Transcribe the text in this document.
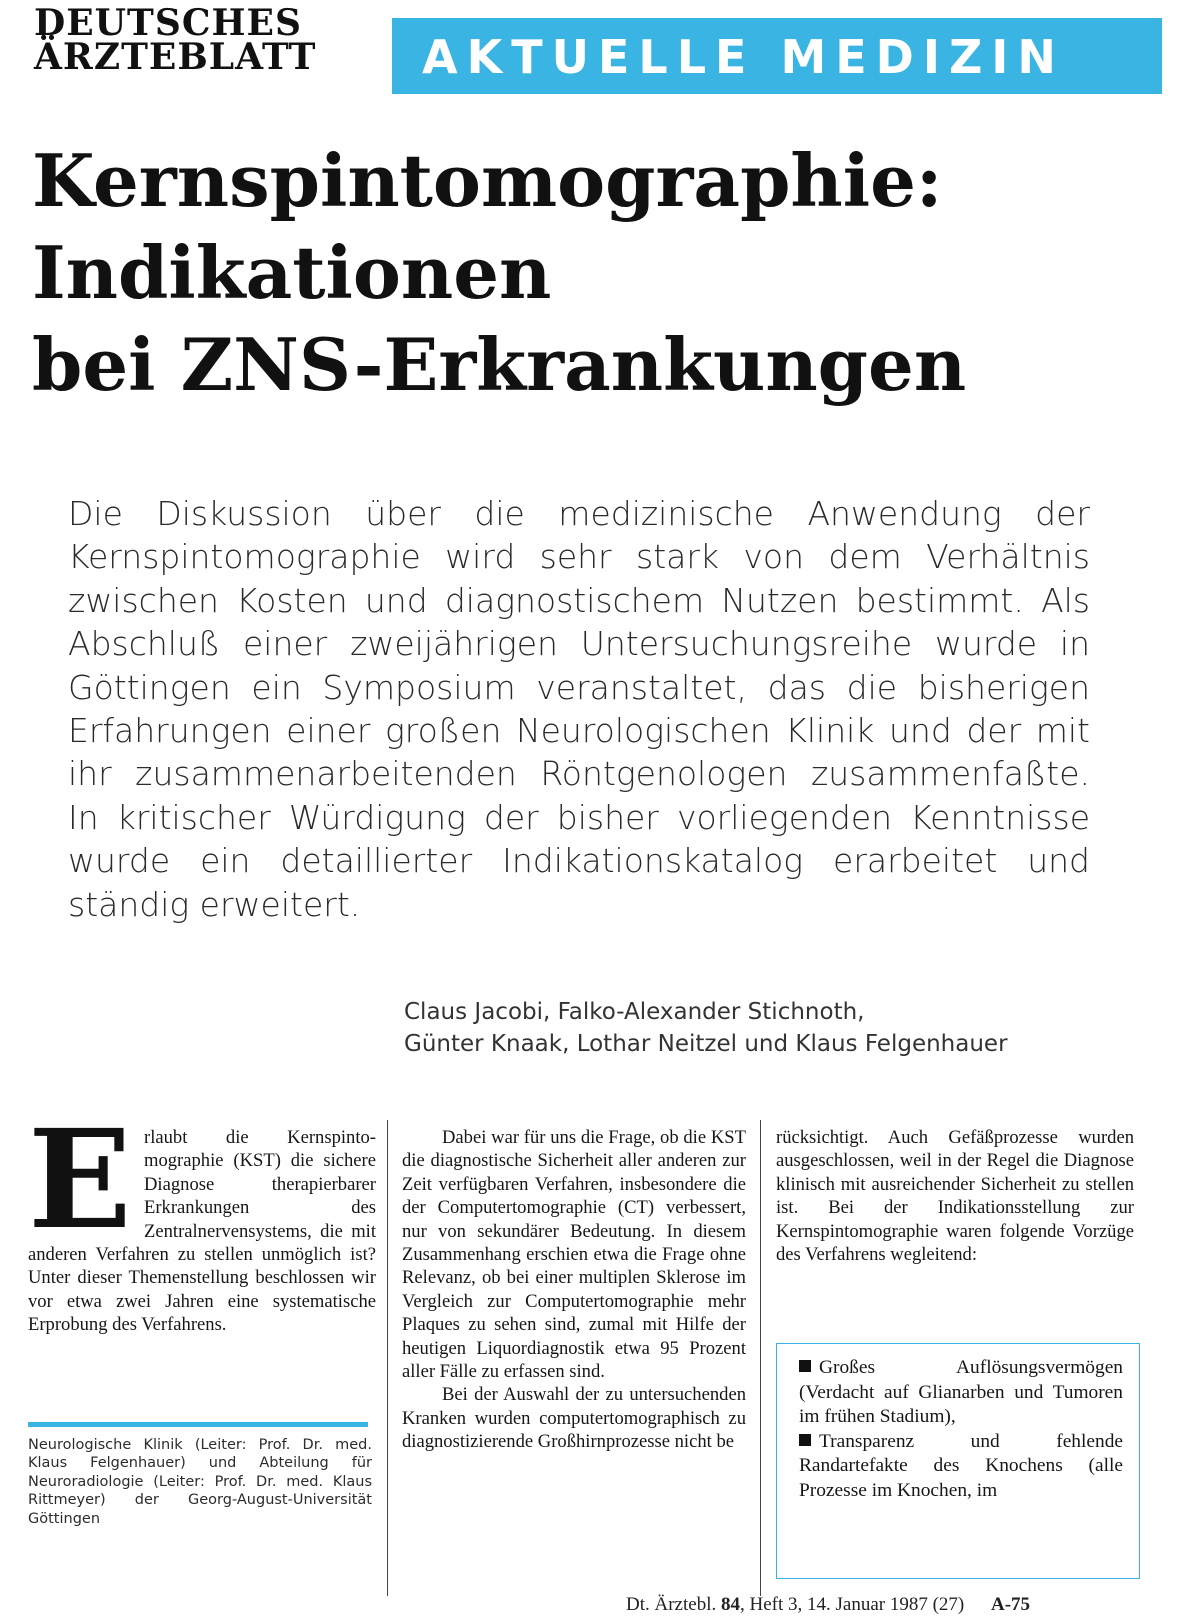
DEUTSCHES
ÄRZTEBLATT	AKTUELLE MEDIZIN
Kernspintomographie:
Indikationen
bei ZNS-Erkrankungen

Die Diskussion über die medizinische Anwendung der Kernspintomographie wird sehr stark von dem Verhältnis zwischen Kosten und diagnostischem Nutzen bestimmt. Als Abschluß einer zweijährigen Untersuchungsreihe wurde in Göttingen ein Symposium veranstaltet, das die bisherigen Erfahrungen einer großen Neurologischen Klinik und der mit ihr zusammenarbeitenden Röntgenologen zusammenfaßte. In kritischer Würdigung der bisher vorliegenden Kenntnisse wurde ein detaillierter Indikationskatalog erarbeitet und ständig erweitert.

Claus Jacobi, Falko-Alexander Stichnoth,
Günter Knaak, Lothar Neitzel und Klaus Felgenhauer
E rlaubt die Kernspintomographie (KST) die sichere Diagnose therapierbarer Erkrankungen des Zentralnervensystems, die mit anderen Verfahren zu stellen unmöglich ist? Unter dieser Themenstellung beschlossen wir vor etwa zwei Jahren eine systematische Erprobung des Verfahrens.

Dabei war für uns die Frage, ob die KST die diagnostische Sicherheit aller anderen zur Zeit verfügbaren Verfahren, insbesondere die der Computertomographie (CT) verbessert, nur von sekundärer Bedeutung. In diesem Zusammenhang erschien etwa die Frage ohne Relevanz, ob bei einer multiplen Sklerose im Vergleich zur Computertomographie mehr Plaques zu sehen sind, zumal mit Hilfe der heutigen Liquordiagnostik etwa 95 Prozent aller Fälle zu erfassen sind.

Bei der Auswahl der zu untersuchenden Kranken wurden computertomographisch zu diagnostizierende Großhirnprozesse nicht be

rücksichtigt. Auch Gefäßprozesse wurden ausgeschlossen, weil in der Regel die Diagnose klinisch mit ausreichender Sicherheit zu stellen ist. Bei der Indikationsstellung zur Kernspintomographie waren folgende Vorzüge des Verfahrens wegleitend:

Neurologische Klinik (Leiter: Prof. Dr. med. Klaus Felgenhauer) und Abteilung für Neuroradiologie (Leiter: Prof. Dr. med. Klaus Rittmeyer) der Georg-August-Universität Göttingen
Großes Auflösungsvermögen (Verdacht auf Glianarben und Tumoren im frühen Stadium),
Transparenz und fehlende Randartefakte des Knochens (alle Prozesse im Knochen, im
Dt. Ärztebl. 84, Heft 3, 14. Januar 1987 (27) A-75
